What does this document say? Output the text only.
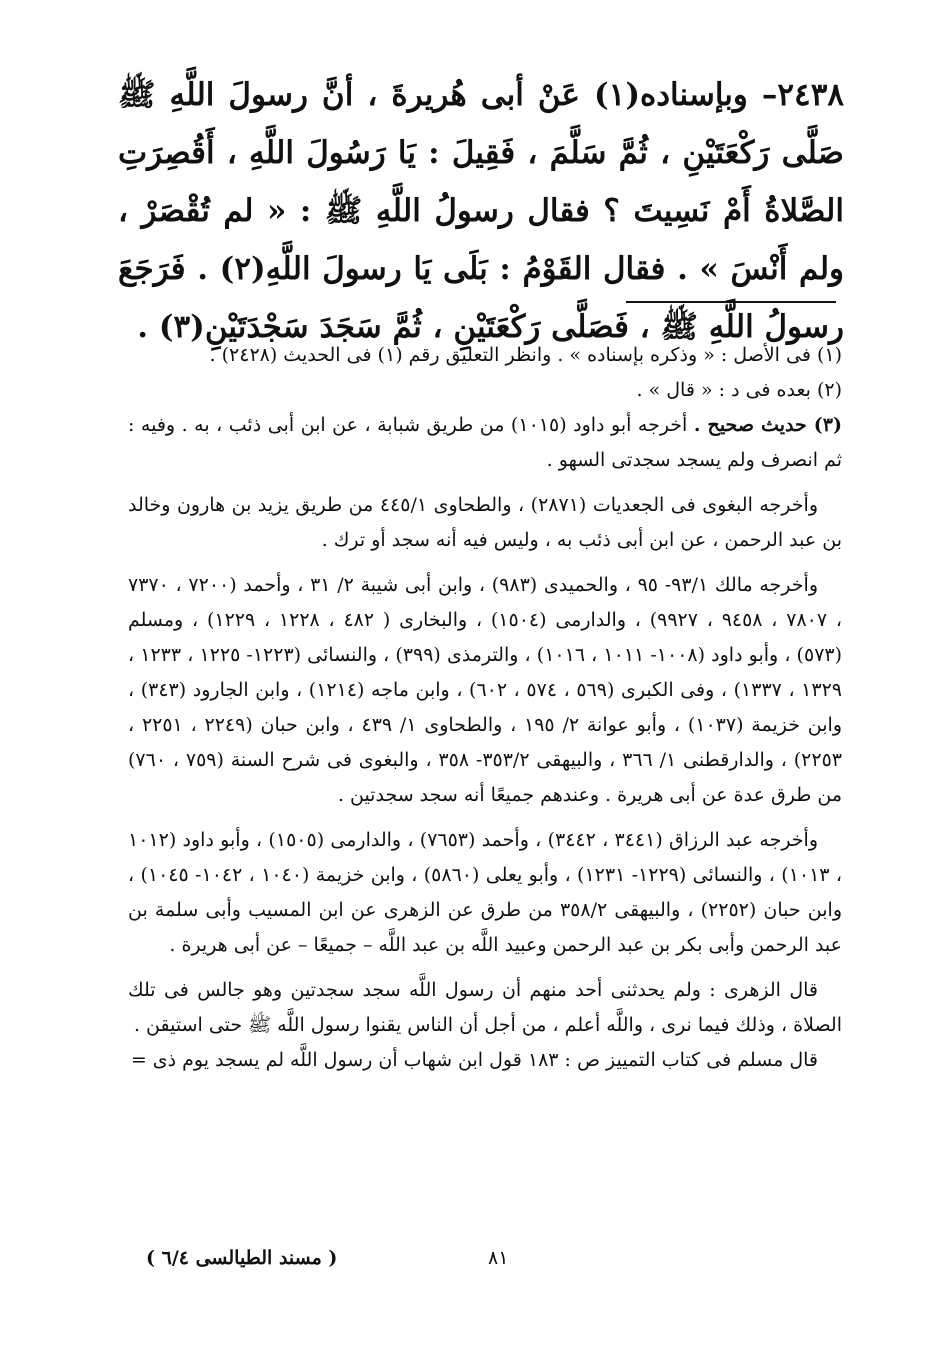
٢٤٣٨– وبإسناده(١) عَنْ أبى هُريرةَ ، أنَّ رسولَ اللَّهِ ﷺ صَلَّى رَكْعَتَيْنِ ، ثُمَّ سَلَّمَ ، فَقِيلَ : يَا رَسُولَ اللَّهِ ، أَقُصِرَتِ الصَّلاةُ أَمْ نَسِيتَ ؟ فقال رسولُ اللَّهِ ﷺ : « لم تُقْصَرْ ، ولم أَنْسَ » . فقال القَوْمُ : بَلَى يَا رسولَ اللَّهِ(٢) . فَرَجَعَ رسولُ اللَّهِ ﷺ ، فَصَلَّى رَكْعَتَيْنِ ، ثُمَّ سَجَدَ سَجْدَتَيْنِ(٣) .

(١) فى الأصل : « وذكره بإسناده » . وانظر التعليق رقم (١) فى الحديث (٢٤٢٨) .

(٢) بعده فى د : « قال » .

(٣) حديث صحيح . أخرجه أبو داود (١٠١٥) من طريق شبابة ، عن ابن أبى ذئب ، به . وفيه : ثم انصرف ولم يسجد سجدتى السهو .

وأخرجه البغوى فى الجعديات (٢٨٧١) ، والطحاوى ٤٤٥/١ من طريق يزيد بن هارون وخالد بن عبد الرحمن ، عن ابن أبى ذئب به ، وليس فيه أنه سجد أو ترك .

وأخرجه مالك ٩٣/١- ٩٥ ، والحميدى (٩٨٣) ، وابن أبى شيبة ٢/ ٣١ ، وأحمد (٧٢٠٠ ، ٧٣٧٠ ، ٧٨٠٧ ، ٩٤٥٨ ، ٩٩٢٧) ، والدارمى (١٥٠٤) ، والبخارى ( ٤٨٢ ، ١٢٢٨ ، ١٢٢٩) ، ومسلم (٥٧٣) ، وأبو داود (١٠٠٨- ١٠١١ ، ١٠١٦) ، والترمذى (٣٩٩) ، والنسائى (١٢٢٣- ١٢٢٥ ، ١٢٣٣ ، ١٣٢٩ ، ١٣٣٧) ، وفى الكبرى (٥٦٩ ، ٥٧٤ ، ٦٠٢) ، وابن ماجه (١٢١٤) ، وابن الجارود (٣٤٣) ، وابن خزيمة (١٠٣٧) ، وأبو عوانة ٢/ ١٩٥ ، والطحاوى ١/ ٤٣٩ ، وابن حبان (٢٢٤٩ ، ٢٢٥١ ، ٢٢٥٣) ، والدارقطنى ١/ ٣٦٦ ، والبيهقى ٣٥٣/٢- ٣٥٨ ، والبغوى فى شرح السنة (٧٥٩ ، ٧٦٠) من طرق عدة عن أبى هريرة . وعندهم جميعًا أنه سجد سجدتين .

وأخرجه عبد الرزاق (٣٤٤١ ، ٣٤٤٢) ، وأحمد (٧٦٥٣) ، والدارمى (١٥٠٥) ، وأبو داود (١٠١٢ ، ١٠١٣) ، والنسائى (١٢٢٩- ١٢٣١) ، وأبو يعلى (٥٨٦٠) ، وابن خزيمة (١٠٤٠ ، ١٠٤٢- ١٠٤٥) ، وابن حبان (٢٢٥٢) ، والبيهقى ٣٥٨/٢ من طرق عن الزهرى عن ابن المسيب وأبى سلمة بن عبد الرحمن وأبى بكر بن عبد الرحمن وعبيد اللَّه بن عبد اللَّه – جميعًا – عن أبى هريرة .

قال الزهرى : ولم يحدثنى أحد منهم أن رسول اللَّه سجد سجدتين وهو جالس فى تلك الصلاة ، وذلك فيما نرى ، واللَّه أعلم ، من أجل أن الناس يقنوا رسول اللَّه ﷺ حتى استيقن .

قال مسلم فى كتاب التمييز ص : ١٨٣ قول ابن شهاب أن رسول اللَّه لم يسجد يوم ذى =

٨١
( مسند الطيالسى ٦/٤ )
